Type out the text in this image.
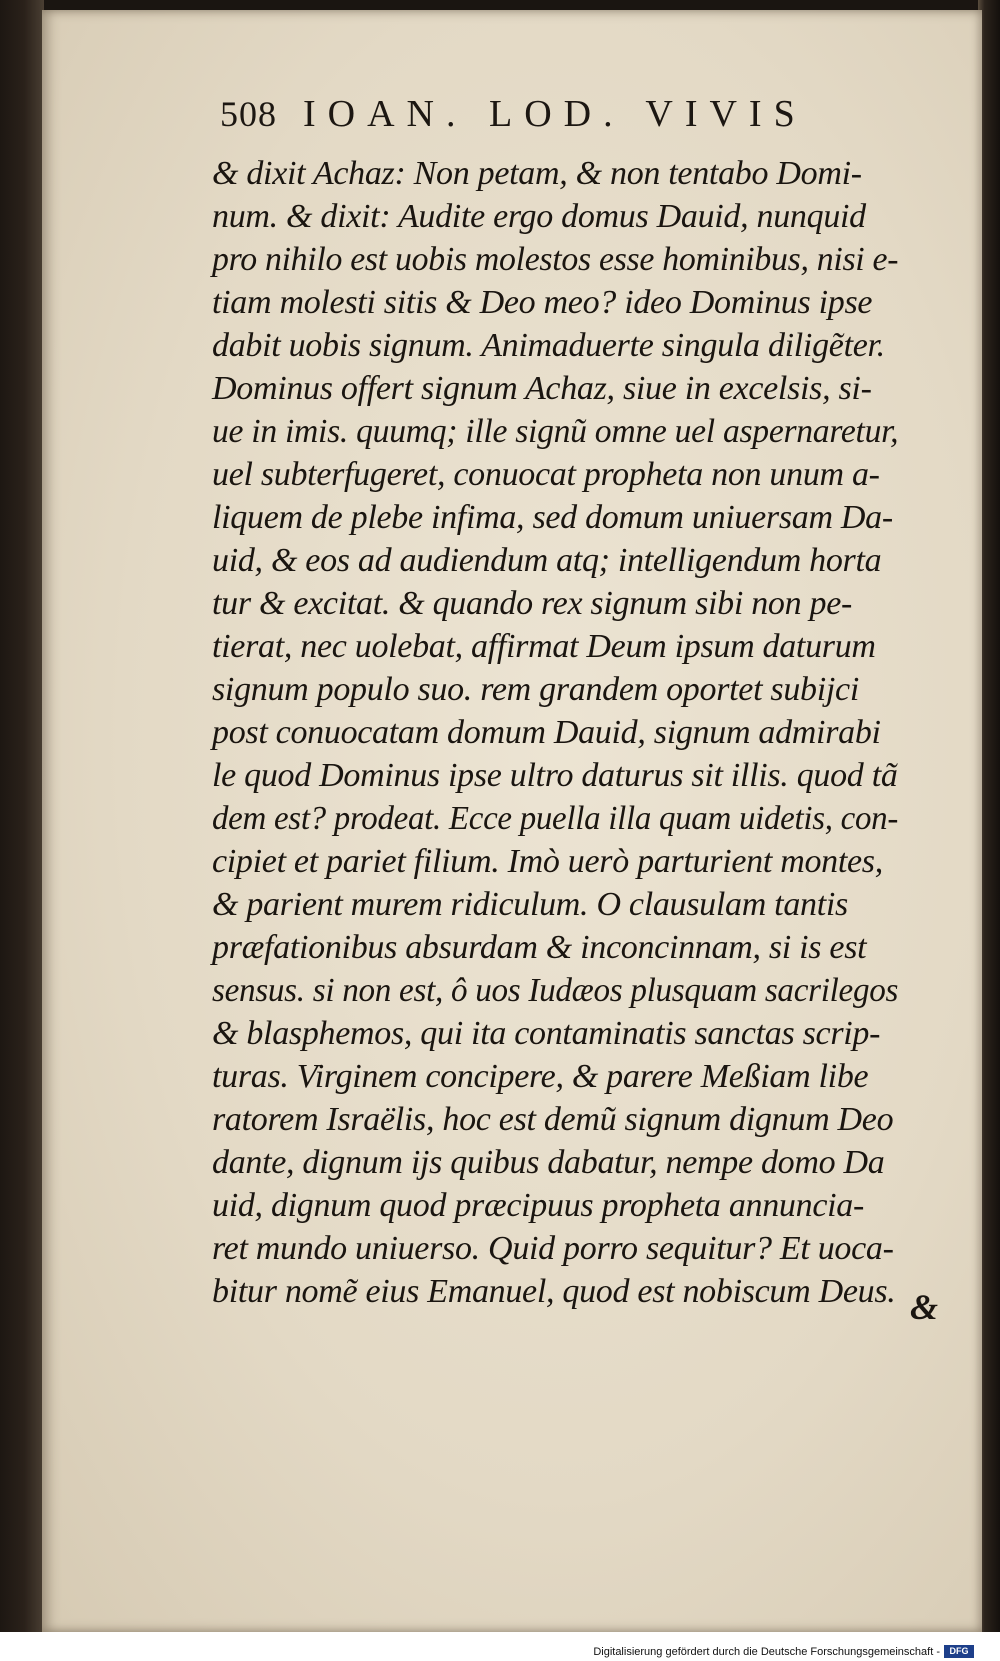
508 IOAN. LOD. VIVIS
& dixit Achaz: Non petam, & non tentabo Domi-
num. & dixit: Audite ergo domus Dauid, nunquid
pro nihilo est uobis molestos esse hominibus, nisi e-
tiam molesti sitis & Deo meo? ideo Dominus ipse
dabit uobis signum. Animaduerte singula diligẽter.
Dominus offert signum Achaz, siue in excelsis, si-
ue in imis. quumq; ille signũ omne uel aspernaretur,
uel subterfugeret, conuocat propheta non unum a-
liquem de plebe infima, sed domum uniuersam Da-
uid, & eos ad audiendum atq; intelligendum horta
tur & excitat. & quando rex signum sibi non pe-
tierat, nec uolebat, affirmat Deum ipsum daturum
signum populo suo. rem grandem oportet subijci
post conuocatam domum Dauid, signum admirabi
le quod Dominus ipse ultro daturus sit illis. quod tã
dem est? prodeat. Ecce puella illa quam uidetis, con-
cipiet et pariet filium. Imò uerò parturient montes,
& parient murem ridiculum. O clausulam tantis
præfationibus absurdam & inconcinnam, si is est
sensus. si non est, ô uos Iudæos plusquam sacrilegos
& blasphemos, qui ita contaminatis sanctas scrip-
turas. Virginem concipere, & parere Meßiam libe
ratorem Israëlis, hoc est demũ signum dignum Deo
dante, dignum ijs quibus dabatur, nempe domo Da
uid, dignum quod præcipuus propheta annuncia-
ret mundo uniuerso. Quid porro sequitur? Et uoca-
bitur nomẽ eius Emanuel, quod est nobiscum Deus. &
Digitalisierung gefördert durch die Deutsche Forschungsgemeinschaft -	DFG
